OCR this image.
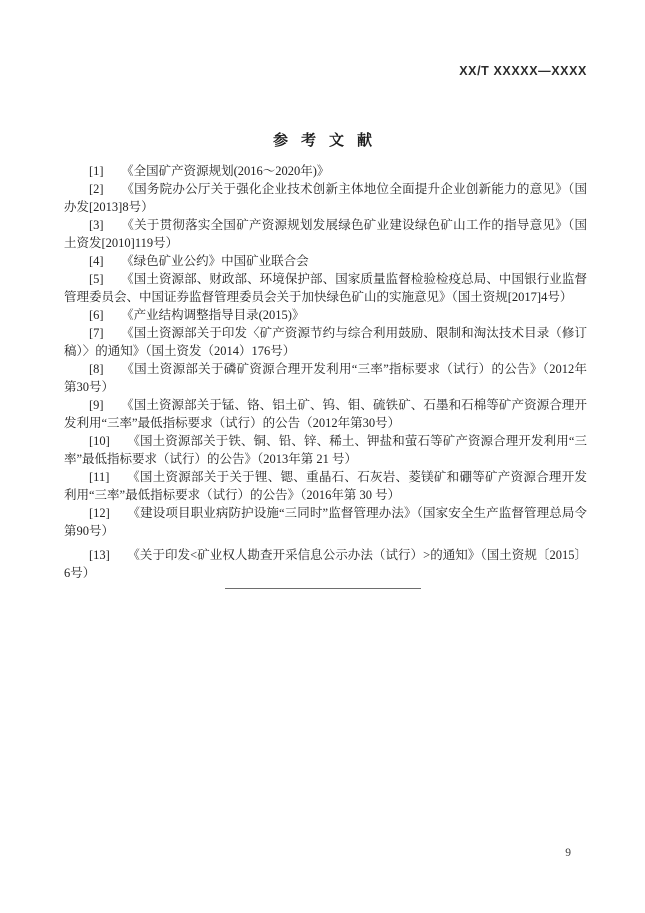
XX/T XXXXX—XXXX
参考文献

[1] 《全国矿产资源规划(2016～2020年)》

[2] 《国务院办公厅关于强化企业技术创新主体地位全面提升企业创新能力的意见》（国办发[2013]8号）

[3] 《关于贯彻落实全国矿产资源规划发展绿色矿业建设绿色矿山工作的指导意见》（国土资发[2010]119号）

[4] 《绿色矿业公约》中国矿业联合会

[5] 《国土资源部、财政部、环境保护部、国家质量监督检验检疫总局、中国银行业监督管理委员会、中国证券监督管理委员会关于加快绿色矿山的实施意见》（国土资规[2017]4号）

[6] 《产业结构调整指导目录(2015)》

[7] 《国土资源部关于印发〈矿产资源节约与综合利用鼓励、限制和淘汰技术目录（修订稿）〉的通知》（国土资发（2014）176号）

[8] 《国土资源部关于磷矿资源合理开发利用“三率”指标要求（试行）的公告》（2012年第30号）

[9] 《国土资源部关于锰、铬、铝土矿、钨、钼、硫铁矿、石墨和石棉等矿产资源合理开发利用“三率”最低指标要求（试行）的公告（2012年第30号）

[10] 《国土资源部关于铁、铜、铅、锌、稀土、钾盐和萤石等矿产资源合理开发利用“三率”最低指标要求（试行）的公告》（2013年第 21 号）

[11] 《国土资源部关于关于锂、锶、重晶石、石灰岩、菱镁矿和硼等矿产资源合理开发利用“三率”最低指标要求（试行）的公告》（2016年第 30 号）

[12] 《建设项目职业病防护设施“三同时”监督管理办法》（国家安全生产监督管理总局令第90号）

[13] 《关于印发<矿业权人勘查开采信息公示办法（试行）>的通知》（国土资规〔2015〕6号）

9
